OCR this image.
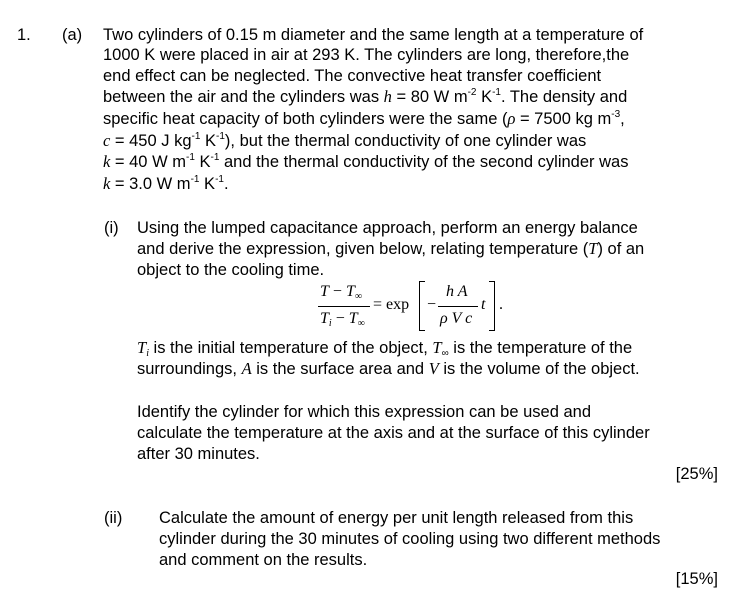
1. (a) Two cylinders of 0.15 m diameter and the same length at a temperature of
1000 K were placed in air at 293 K. The cylinders are long, therefore,the
end effect can be neglected. The convective heat transfer coefficient
between the air and the cylinders was h = 80 W $m^{-2}$ $K^{-1}$. The density and
specific heat capacity of both cylinders were the same (ρ = 7500 kg $m^{-3}$,
c = 450 J $kg^{-1}$ $K^{-1}$), but the thermal conductivity of one cylinder was
k = 40 W $m^{-1}$ $K^{-1}$ and the thermal conductivity of the second cylinder was
k = 3.0 W $m^{-1}$ $K^{-1}$.
(i) Using the lumped capacitance approach, perform an energy balance
and derive the expression, given below, relating temperature (T) of an
object to the cooling time.
$T - T_\infty$
$T_i - T_\infty$
= exp −
h A
ρ V c
t .
$T_i$ is the initial temperature of the object, $T_\infty$ is the temperature of the
surroundings, A is the surface area and V is the volume of the object.
Identify the cylinder for which this expression can be used and
calculate the temperature at the axis and at the surface of this cylinder
after 30 minutes.
[25%]
(ii) Calculate the amount of energy per unit length released from this
cylinder during the 30 minutes of cooling using two different methods
and comment on the results.
[15%]
